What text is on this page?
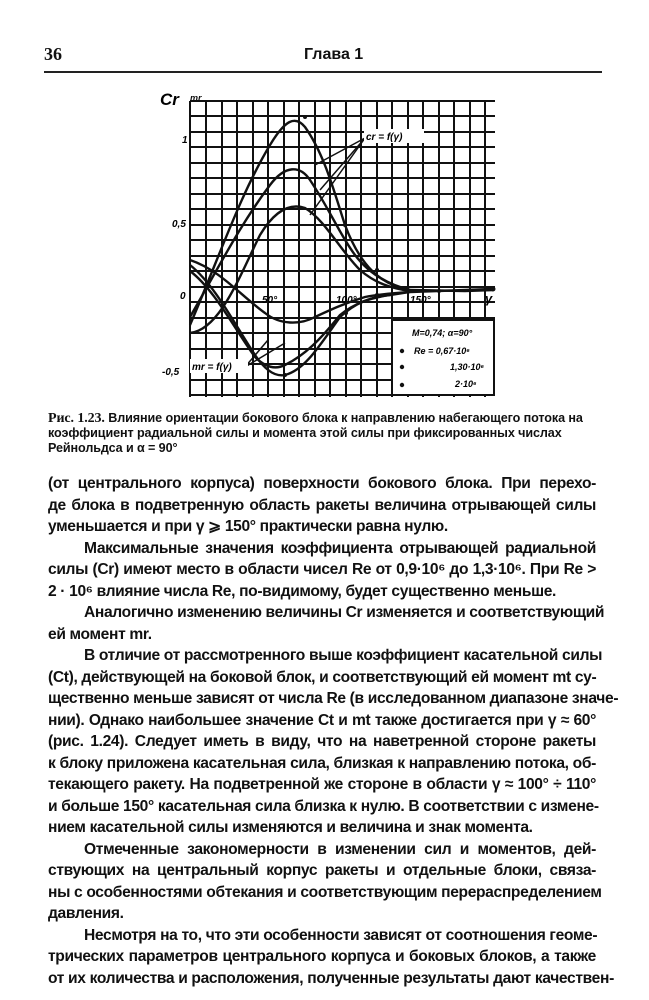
36	Глава 1
Cr mr
1
0,5
0
-0,5
50°	100°	150°	γ
cr = f(γ)
mr = f(γ)
M=0,74; α=90°
Re = 0,67·10⁶
1,30·10⁶
2·10⁶
Рис. 1.23. Влияние ориентации бокового блока к направлению набегающего потока на коэффициент радиальной силы и момента этой силы при фиксированных числах Рейнольдса и α = 90°
(от центрального корпуса) поверхности бокового блока. При перехо-
де блока в подветренную область ракеты величина отрывающей силы
уменьшается и при γ ⩾ 150° практически равна нулю.
Максимальные значения коэффициента отрывающей радиальной
силы (Cr) имеют место в области чисел Re от 0,9·10⁶ до 1,3·10⁶. При Re >
2 · 10⁶ влияние числа Re, по-видимому, будет существенно меньше.
Аналогично изменению величины Cr изменяется и соответствующий
ей момент mr.
В отличие от рассмотренного выше коэффициент касательной силы
(Ct), действующей на боковой блок, и соответствующий ей момент mt су-
щественно меньше зависят от числа Re (в исследованном диапазоне значе-
нии). Однако наибольшее значение Ct и mt также достигается при γ ≈ 60°
(рис. 1.24). Следует иметь в виду, что на наветренной стороне ракеты
к блоку приложена касательная сила, близкая к направлению потока, об-
текающего ракету. На подветренной же стороне в области γ ≈ 100° ÷ 110°
и больше 150° касательная сила близка к нулю. В соответствии с измене-
нием касательной силы изменяются и величина и знак момента.
Отмеченные закономерности в изменении сил и моментов, дей-
ствующих на центральный корпус ракеты и отдельные блоки, связа-
ны с особенностями обтекания и соответствующим перераспределением
давления.
Несмотря на то, что эти особенности зависят от соотношения геоме-
трических параметров центрального корпуса и боковых блоков, а также
от их количества и расположения, полученные результаты дают качествен-
